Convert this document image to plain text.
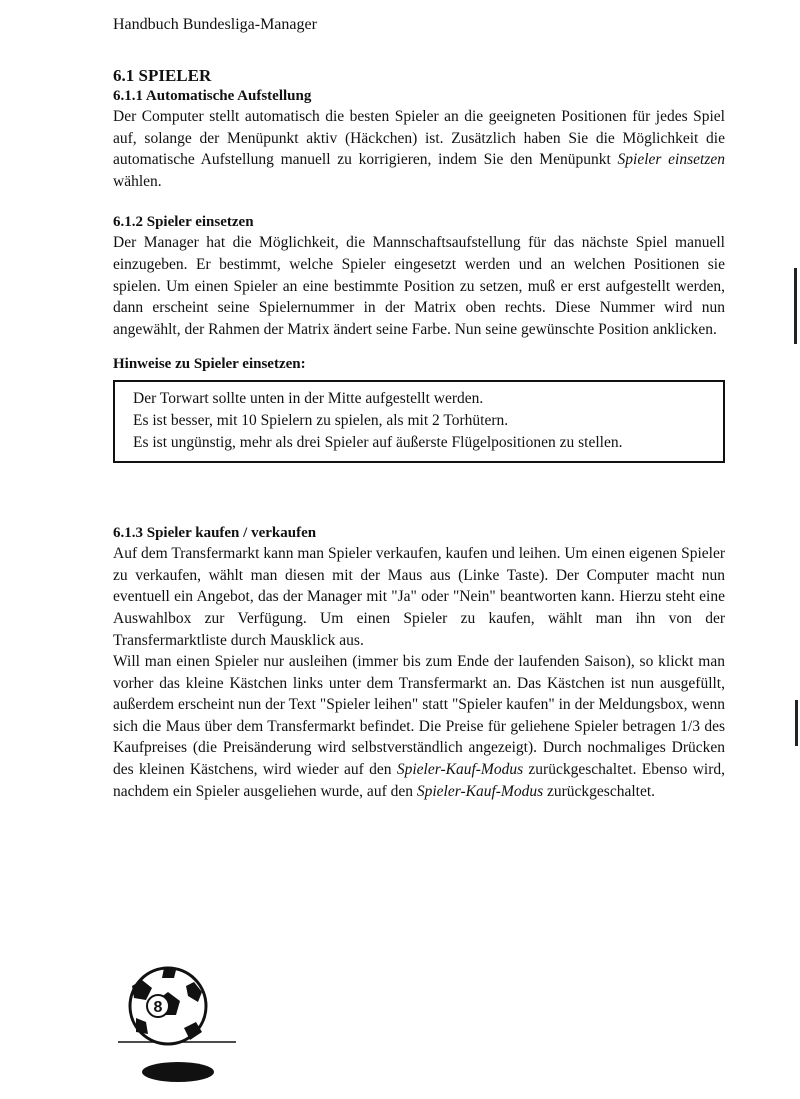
Handbuch Bundesliga-Manager
6.1 SPIELER
6.1.1 Automatische Aufstellung

Der Computer stellt automatisch die besten Spieler an die geeigneten Positionen für jedes Spiel auf, solange der Menüpunkt aktiv (Häckchen) ist. Zusätzlich haben Sie die Möglichkeit die automatische Aufstellung manuell zu korrigieren, indem Sie den Menüpunkt Spieler einsetzen wählen.

6.1.2 Spieler einsetzen

Der Manager hat die Möglichkeit, die Mannschaftsaufstellung für das nächste Spiel manuell einzugeben. Er bestimmt, welche Spieler eingesetzt werden und an welchen Positionen sie spielen. Um einen Spieler an eine bestimmte Position zu setzen, muß er erst aufgestellt werden, dann erscheint seine Spielernummer in der Matrix oben rechts. Diese Nummer wird nun angewählt, der Rahmen der Matrix ändert seine Farbe. Nun seine gewünschte Position anklicken.

Hinweise zu Spieler einsetzen:
Der Torwart sollte unten in der Mitte aufgestellt werden.
Es ist besser, mit 10 Spielern zu spielen, als mit 2 Torhütern.
Es ist ungünstig, mehr als drei Spieler auf äußerste Flügelpositionen zu stellen.
6.1.3 Spieler kaufen / verkaufen

Auf dem Transfermarkt kann man Spieler verkaufen, kaufen und leihen. Um einen eigenen Spieler zu verkaufen, wählt man diesen mit der Maus aus (Linke Taste). Der Computer macht nun eventuell ein Angebot, das der Manager mit "Ja" oder "Nein" beantworten kann. Hierzu steht eine Auswahlbox zur Verfügung. Um einen Spieler zu kaufen, wählt man ihn von der Transfermarktliste durch Mausklick aus.

Will man einen Spieler nur ausleihen (immer bis zum Ende der laufenden Saison), so klickt man vorher das kleine Kästchen links unter dem Transfermarkt an. Das Kästchen ist nun ausgefüllt, außerdem erscheint nun der Text "Spieler leihen" statt "Spieler kaufen" in der Meldungsbox, wenn sich die Maus über dem Transfermarkt befindet. Die Preise für geliehene Spieler betragen 1/3 des Kaufpreises (die Preisänderung wird selbstverständlich angezeigt). Durch nochmaliges Drücken des kleinen Kästchens, wird wieder auf den Spieler-Kauf-Modus zurückgeschaltet. Ebenso wird, nachdem ein Spieler ausgeliehen wurde, auf den Spieler-Kauf-Modus zurückgeschaltet.

8
